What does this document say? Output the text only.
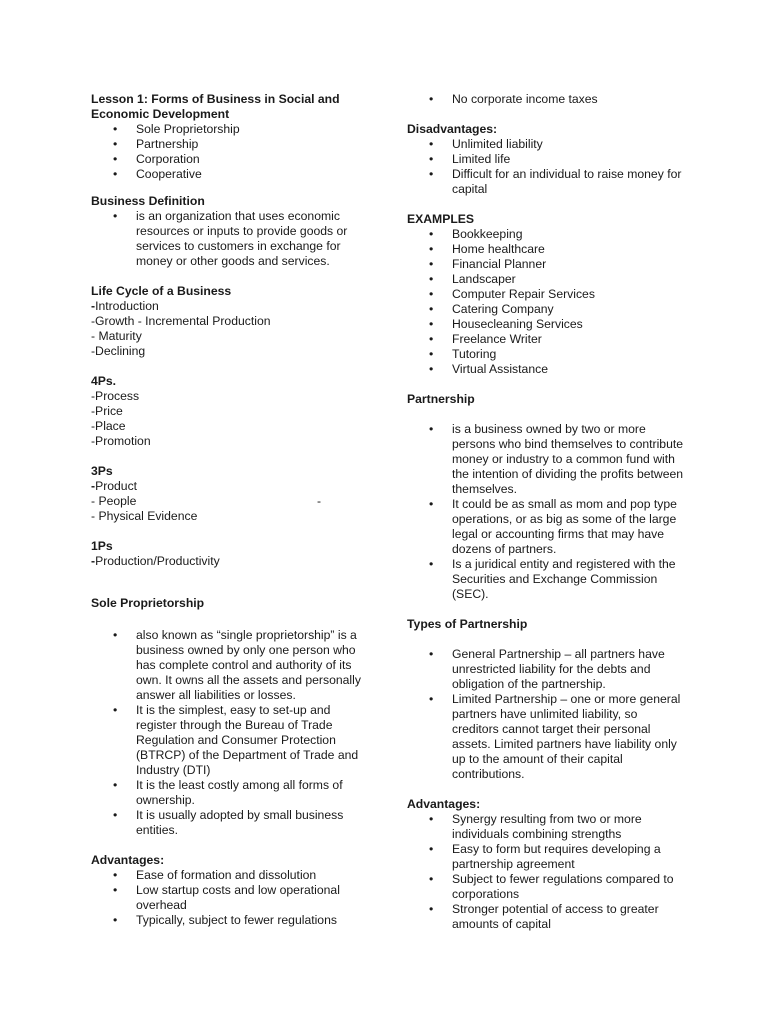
Lesson 1: Forms of Business in Social and Economic Development

• Sole Proprietorship
• Partnership
• Corporation
• Cooperative

Business Definition

• is an organization that uses economic resources or inputs to provide goods or services to customers in exchange for money or other goods and services.

Life Cycle of a Business

-Introduction

-Growth - Incremental Production

- Maturity

-Declining

4Ps.

-Process

-Price

-Place

-Promotion

3Ps

-Product

- People	-

- Physical Evidence

1Ps

-Production/Productivity

Sole Proprietorship

• also known as “single proprietorship” is a business owned by only one person who has complete control and authority of its own. It owns all the assets and personally answer all liabilities or losses.
• It is the simplest, easy to set-up and register through the Bureau of Trade Regulation and Consumer Protection (BTRCP) of the Department of Trade and Industry (DTI)
• It is the least costly among all forms of ownership.
• It is usually adopted by small business entities.

Advantages:

• Ease of formation and dissolution
• Low startup costs and low operational overhead
• Typically, subject to fewer regulations
• No corporate income taxes

Disadvantages:

• Unlimited liability
• Limited life
• Difficult for an individual to raise money for capital

EXAMPLES

• Bookkeeping
• Home healthcare
• Financial Planner
• Landscaper
• Computer Repair Services
• Catering Company
• Housecleaning Services
• Freelance Writer
• Tutoring
• Virtual Assistance

Partnership

• is a business owned by two or more persons who bind themselves to contribute money or industry to a common fund with the intention of dividing the profits between themselves.
• It could be as small as mom and pop type operations, or as big as some of the large legal or accounting firms that may have dozens of partners.
• Is a juridical entity and registered with the Securities and Exchange Commission (SEC).

Types of Partnership

• General Partnership – all partners have unrestricted liability for the debts and obligation of the partnership.
• Limited Partnership – one or more general partners have unlimited liability, so creditors cannot target their personal assets. Limited partners have liability only up to the amount of their capital contributions.

Advantages:

• Synergy resulting from two or more individuals combining strengths
• Easy to form but requires developing a partnership agreement
• Subject to fewer regulations compared to corporations
• Stronger potential of access to greater amounts of capital
